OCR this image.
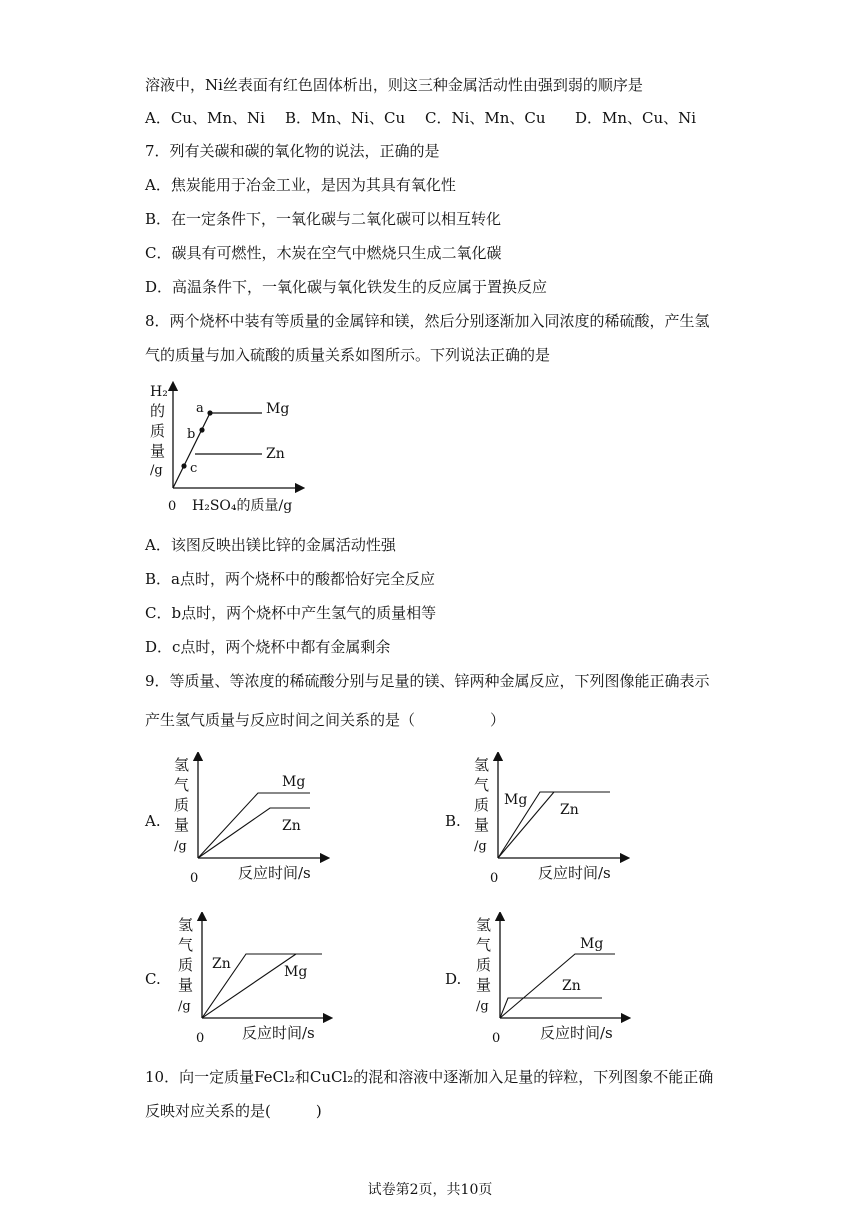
溶液中，Ni丝表面有红色固体析出，则这三种金属活动性由强到弱的顺序是
A．Cu、Mn、Ni B．Mn、Ni、Cu C．Ni、Mn、Cu D．Mn、Cu、Ni
7．列有关碳和碳的氧化物的说法，正确的是
A．焦炭能用于冶金工业，是因为其具有氧化性
B．在一定条件下，一氧化碳与二氧化碳可以相互转化
C．碳具有可燃性，木炭在空气中燃烧只生成二氧化碳
D．高温条件下，一氧化碳与氧化铁发生的反应属于置换反应
8．两个烧杯中装有等质量的金属锌和镁，然后分别逐渐加入同浓度的稀硫酸，产生氢
气的质量与加入硫酸的质量关系如图所示。下列说法正确的是
H₂
的
质
量
/g
0 H₂SO₄的质量/g
a
b
c
Mg
Zn
A．该图反映出镁比锌的金属活动性强
B．a点时，两个烧杯中的酸都恰好完全反应
C．b点时，两个烧杯中产生氢气的质量相等
D．c点时，两个烧杯中都有金属剩余
9．等质量、等浓度的稀硫酸分别与足量的镁、锌两种金属反应，下列图像能正确表示
产生氢气质量与反应时间之间关系的是（　　　　　）
A.
氢
气
质
量
/g
0	反应时间/s
Mg
Zn	B.
氢
气
质
量
/g
0	反应时间/s
Mg
Zn
C.
氢
气
质
量
/g
0	反应时间/s
Zn	Mg	D.
氢
气
质
量
/g
0	反应时间/s
Mg
Zn
10．向一定质量FeCl₂和CuCl₂的混和溶液中逐渐加入足量的锌粒，下列图象不能正确
反映对应关系的是(　　　)
试卷第2页，共10页
